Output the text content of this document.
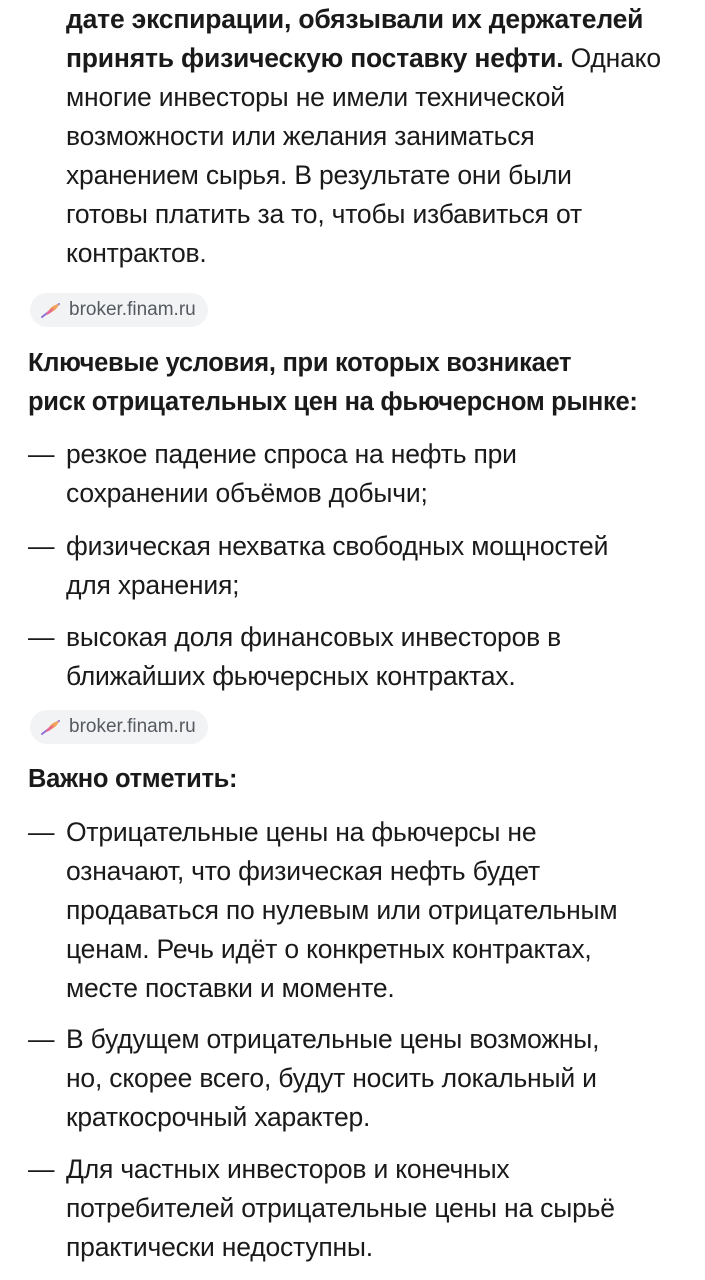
дате экспирации, обязывали их держателей
принять физическую поставку нефти. Однако
многие инвесторы не имели технической
возможности или желания заниматься
хранением сырья. В результате они были
готовы платить за то, чтобы избавиться от
контрактов.
broker.finam.ru
Ключевые условия, при которых возникает
риск отрицательных цен на фьючерсном рынке:
— резкое падение спроса на нефть при
сохранении объёмов добычи;
— физическая нехватка свободных мощностей
для хранения;
— высокая доля финансовых инвесторов в
ближайших фьючерсных контрактах.
broker.finam.ru
Важно отметить:
— Отрицательные цены на фьючерсы не
означают, что физическая нефть будет
продаваться по нулевым или отрицательным
ценам. Речь идёт о конкретных контрактах,
месте поставки и моменте.
— В будущем отрицательные цены возможны,
но, скорее всего, будут носить локальный и
краткосрочный характер.
— Для частных инвесторов и конечных
потребителей отрицательные цены на сырьё
практически недоступны.
